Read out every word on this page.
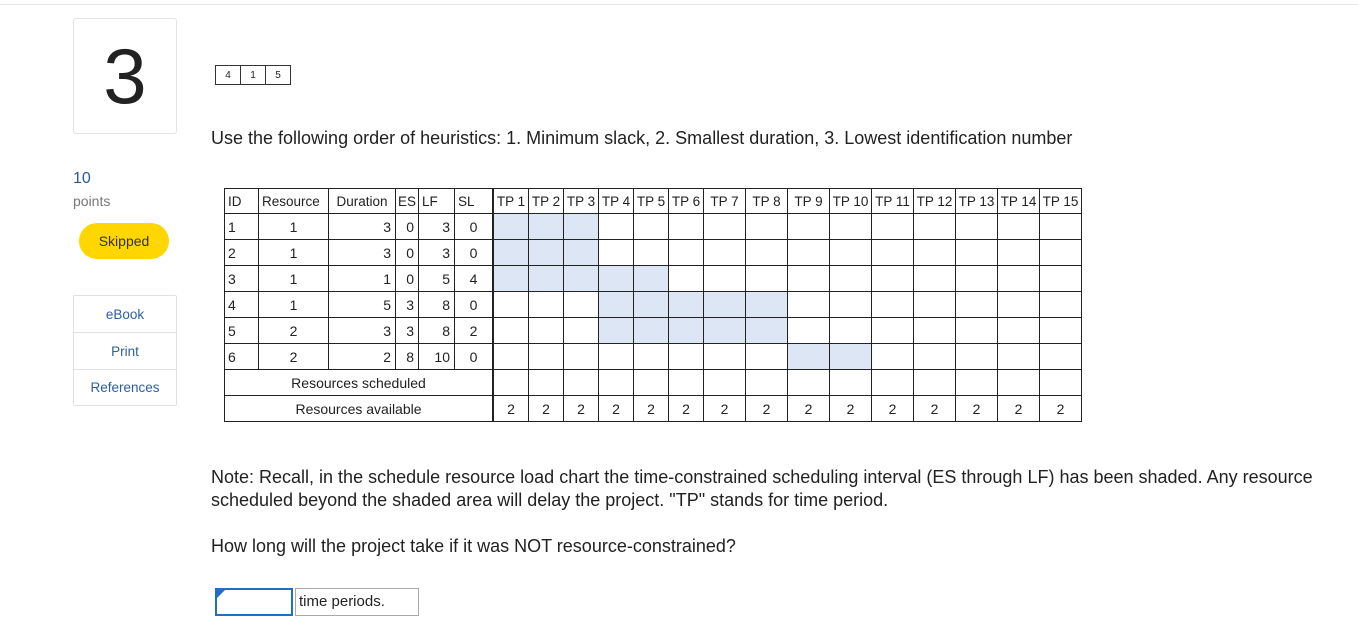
3
10
points
Skipped
eBook
Print
References
4	1	5
Use the following order of heuristics: 1. Minimum slack, 2. Smallest duration, 3. Lowest identification number
ID	Resource	Duration	ES	LF	SL	TP 1	TP 2	TP 3	TP 4	TP 5	TP 6	TP 7	TP 8	TP 9	TP 10	TP 11	TP 12	TP 13	TP 14	TP 15
1	1	3	0	3	0															
2	1	3	0	3	0															
3	1	1	0	5	4															
4	1	5	3	8	0															
5	2	3	3	8	2															
6	2	2	8	10	0															
Resources scheduled																				
Resources available						2	2	2	2	2	2	2	2	2	2	2	2	2	2	2
Note: Recall, in the schedule resource load chart the time-constrained scheduling interval (ES through LF) has been shaded. Any resource scheduled beyond the shaded area will delay the project. "TP" stands for time period.
How long will the project take if it was NOT resource-constrained?
time periods.
